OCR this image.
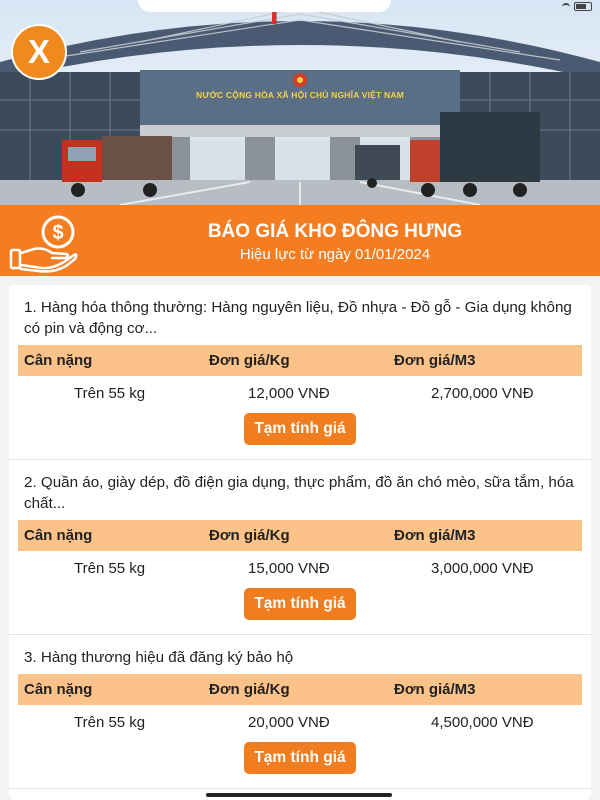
NƯỚC CỘNG HÒA XÃ HỘI CHỦ NGHĨA VIỆT NAM
X
$	BÁO GIÁ KHO ĐÔNG HƯNG
Hiệu lực từ ngày 01/01/2024
1. Hàng hóa thông thường: Hàng nguyên liệu, Đồ nhựa - Đồ gỗ - Gia dụng không có pin và động cơ...
Cân nặng	Đơn giá/Kg	Đơn giá/M3
Trên 55 kg	12,000 VNĐ	2,700,000 VNĐ
Tạm tính giá
2. Quần áo, giày dép, đồ điện gia dụng, thực phẩm, đồ ăn chó mèo, sữa tắm, hóa chất...
Cân nặng	Đơn giá/Kg	Đơn giá/M3
Trên 55 kg	15,000 VNĐ	3,000,000 VNĐ
Tạm tính giá
3. Hàng thương hiệu đã đăng ký bảo hộ
Cân nặng	Đơn giá/Kg	Đơn giá/M3
Trên 55 kg	20,000 VNĐ	4,500,000 VNĐ
Tạm tính giá
